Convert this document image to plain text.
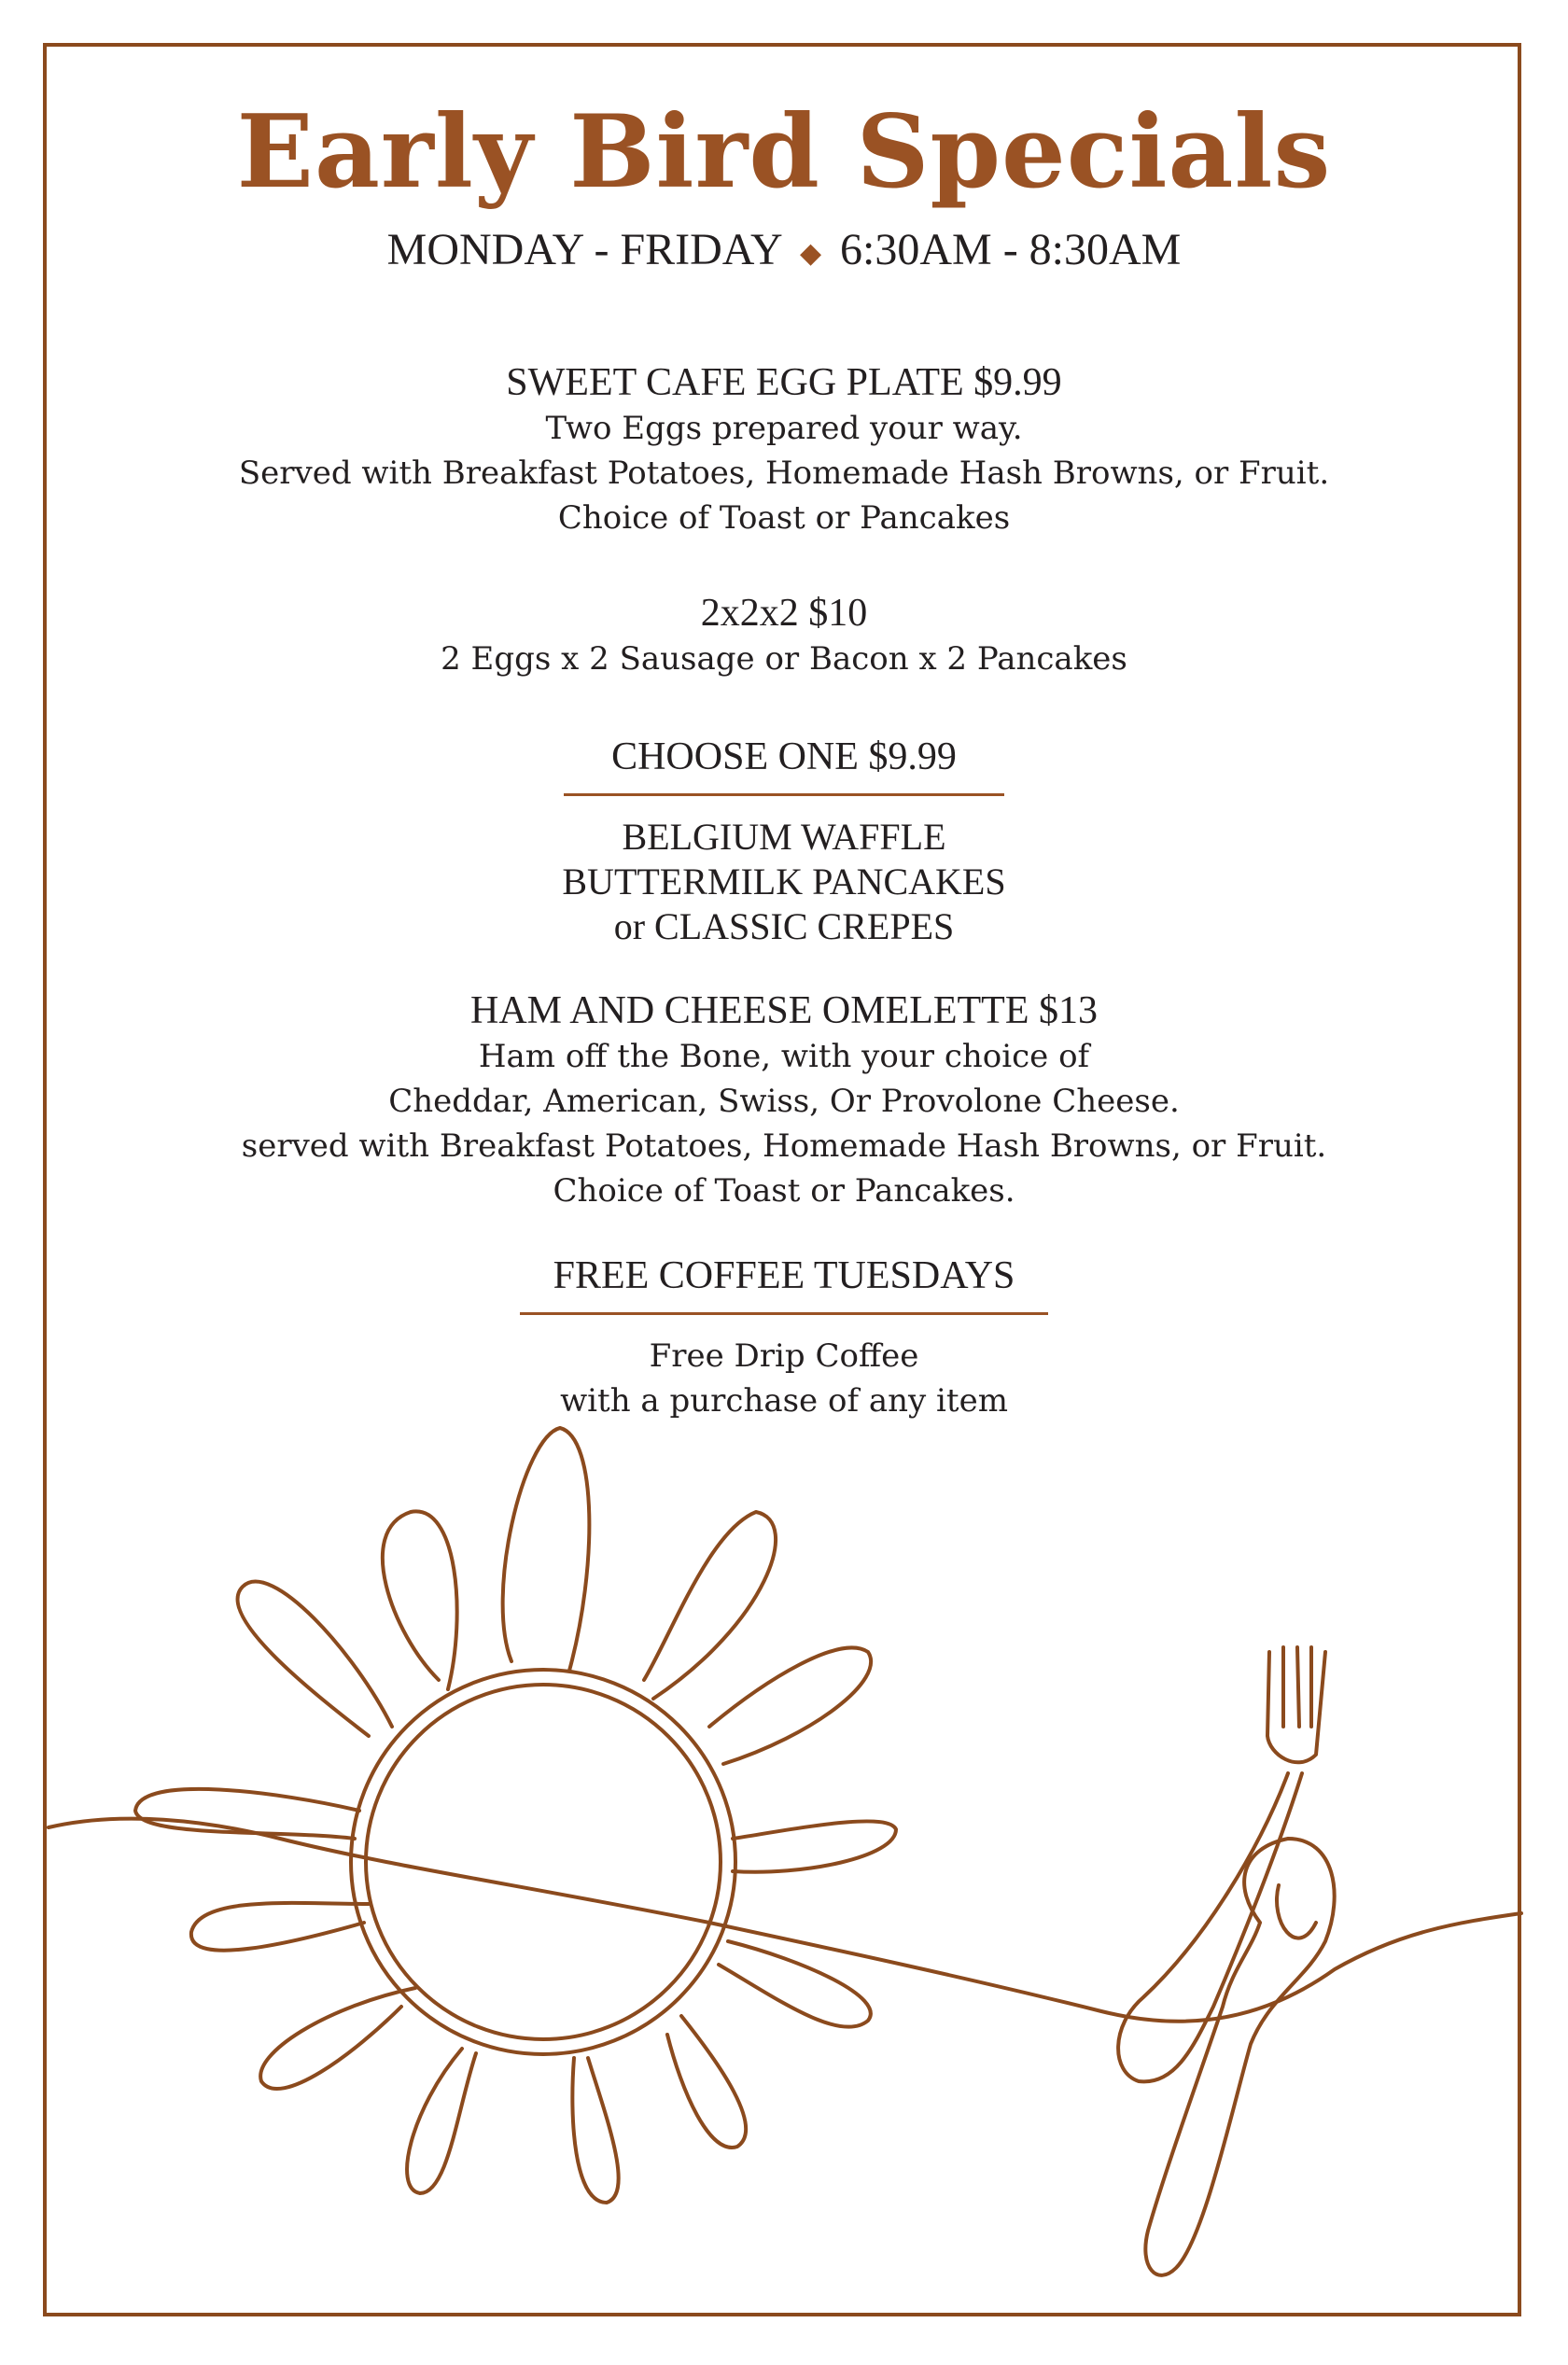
Early Bird Specials
MONDAY - FRIDAY ◆ 6:30AM - 8:30AM
SWEET CAFE EGG PLATE $9.99
Two Eggs prepared your way.
Served with Breakfast Potatoes, Homemade Hash Browns, or Fruit.
Choice of Toast or Pancakes
2x2x2 $10
2 Eggs x 2 Sausage or Bacon x 2 Pancakes
CHOOSE ONE $9.99
BELGIUM WAFFLE
BUTTERMILK PANCAKES
or CLASSIC CREPES
HAM AND CHEESE OMELETTE $13
Ham off the Bone, with your choice of
Cheddar, American, Swiss, Or Provolone Cheese.
served with Breakfast Potatoes, Homemade Hash Browns, or Fruit.
Choice of Toast or Pancakes.
FREE COFFEE TUESDAYS
Free Drip Coffee
with a purchase of any item
